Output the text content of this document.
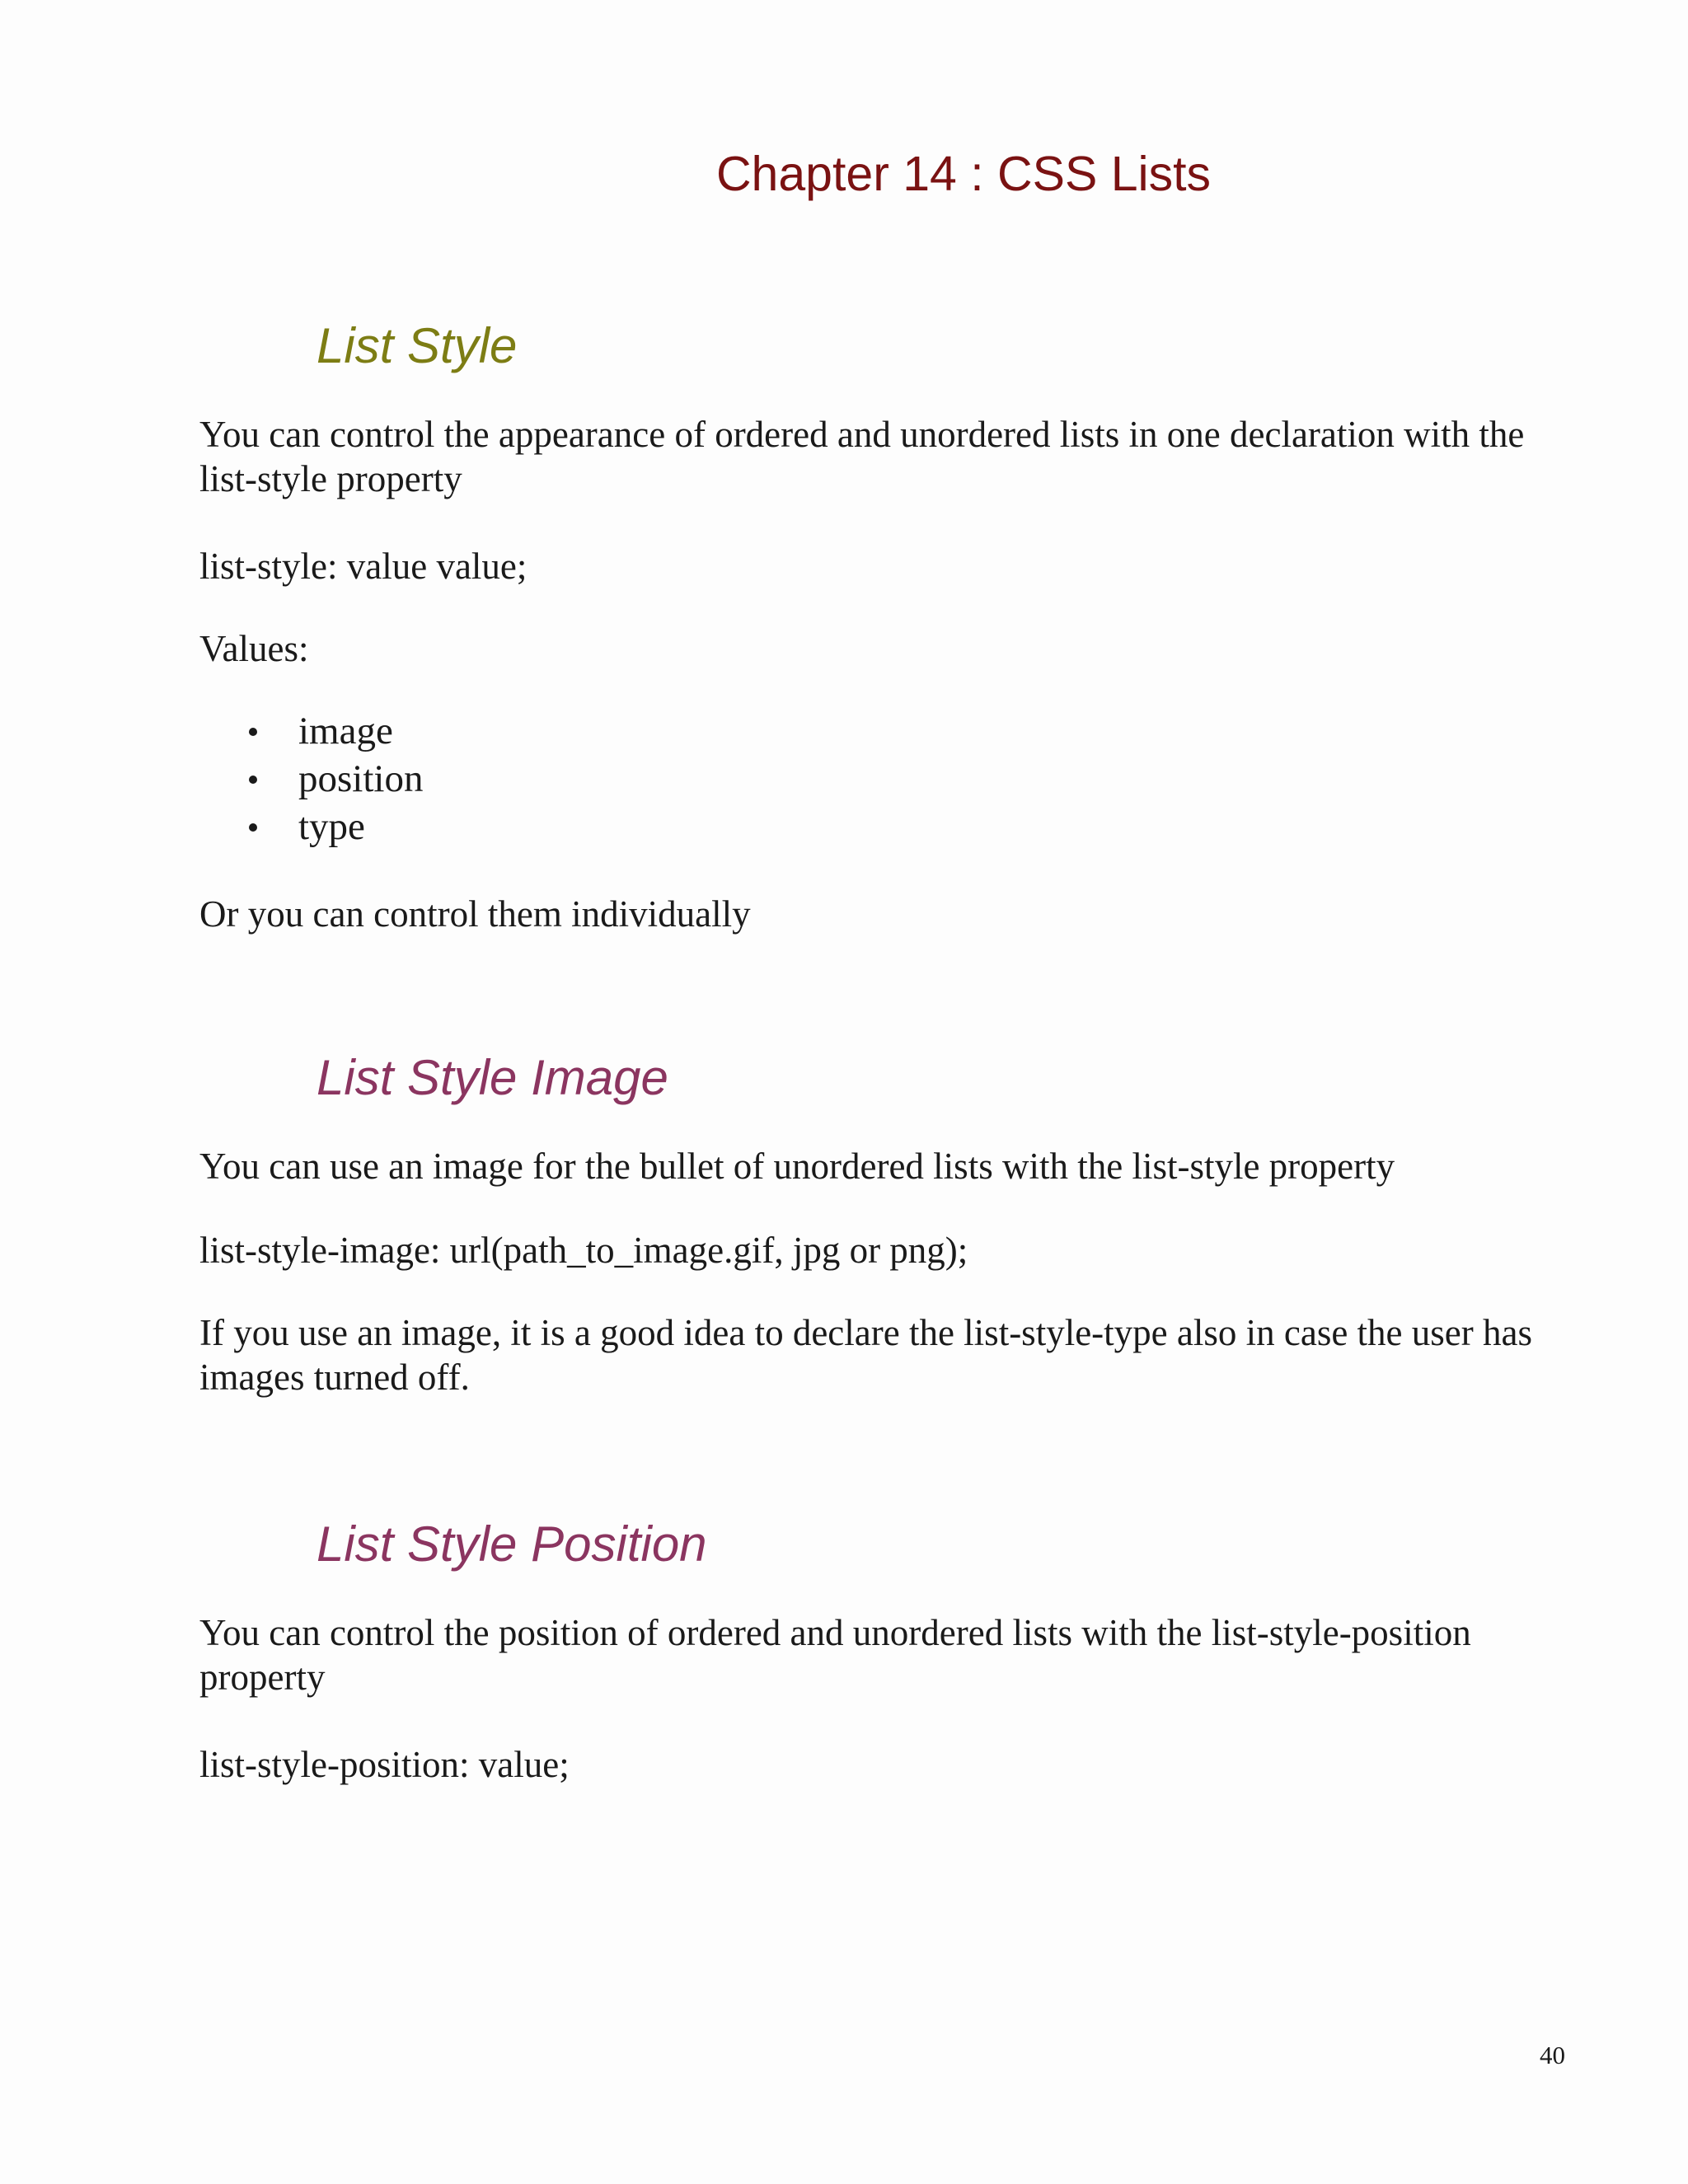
Chapter 14 : CSS Lists
List Style

You can control the appearance of ordered and unordered lists in one declaration with the list-style property

list-style: value value;

Values:

image
position
type

Or you can control them individually

List Style Image

You can use an image for the bullet of unordered lists with the list-style property

list-style-image: url(path_to_image.gif, jpg or png);

If you use an image, it is a good idea to declare the list-style-type also in case the user has images turned off.

List Style Position

You can control the position of ordered and unordered lists with the list-style-position property

list-style-position: value;

40
